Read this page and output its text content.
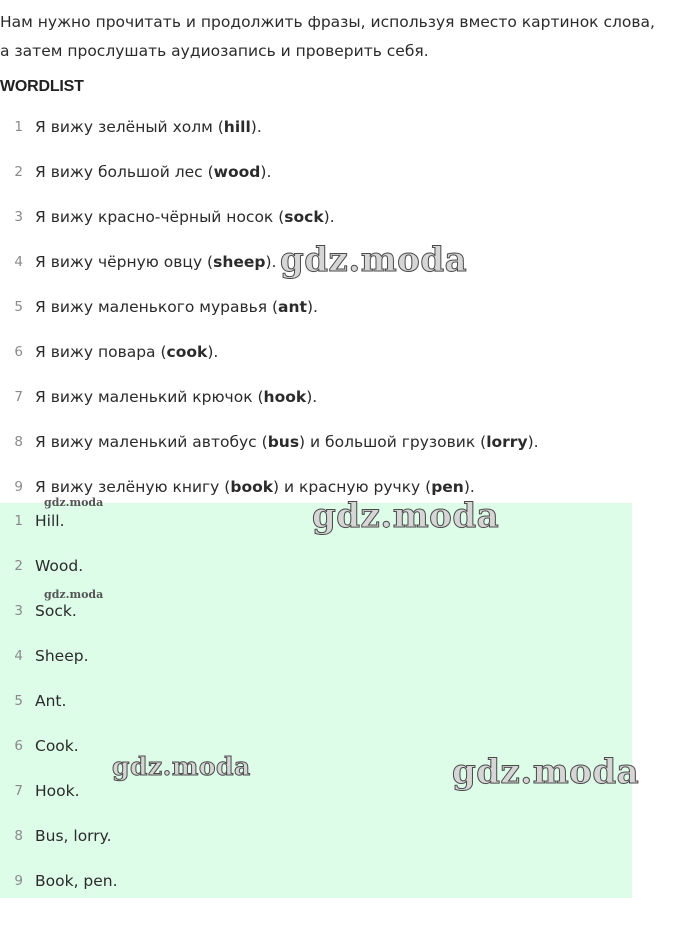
Нам нужно прочитать и продолжить фразы, используя вместо картинок слова,

а затем прослушать аудиозапись и проверить себя.

WORDLIST
1 Я вижу зелёный холм (hill).
2 Я вижу большой лес (wood).
3 Я вижу красно-чёрный носок (sock).
4 Я вижу чёрную овцу (sheep).
5 Я вижу маленького муравья (ant).
6 Я вижу повара (cook).
7 Я вижу маленький крючок (hook).
8 Я вижу маленький автобус (bus) и большой грузовик (lorry).
9 Я вижу зелёную книгу (book) и красную ручку (pen).
1 Hill.
2 Wood.
3 Sock.
4 Sheep.
5 Ant.
6 Cook.
7 Hook.
8 Bus, lorry.
9 Book, pen.
gdz.moda
gdz.moda
gdz.moda
gdz.moda
gdz.moda	gdz.moda
